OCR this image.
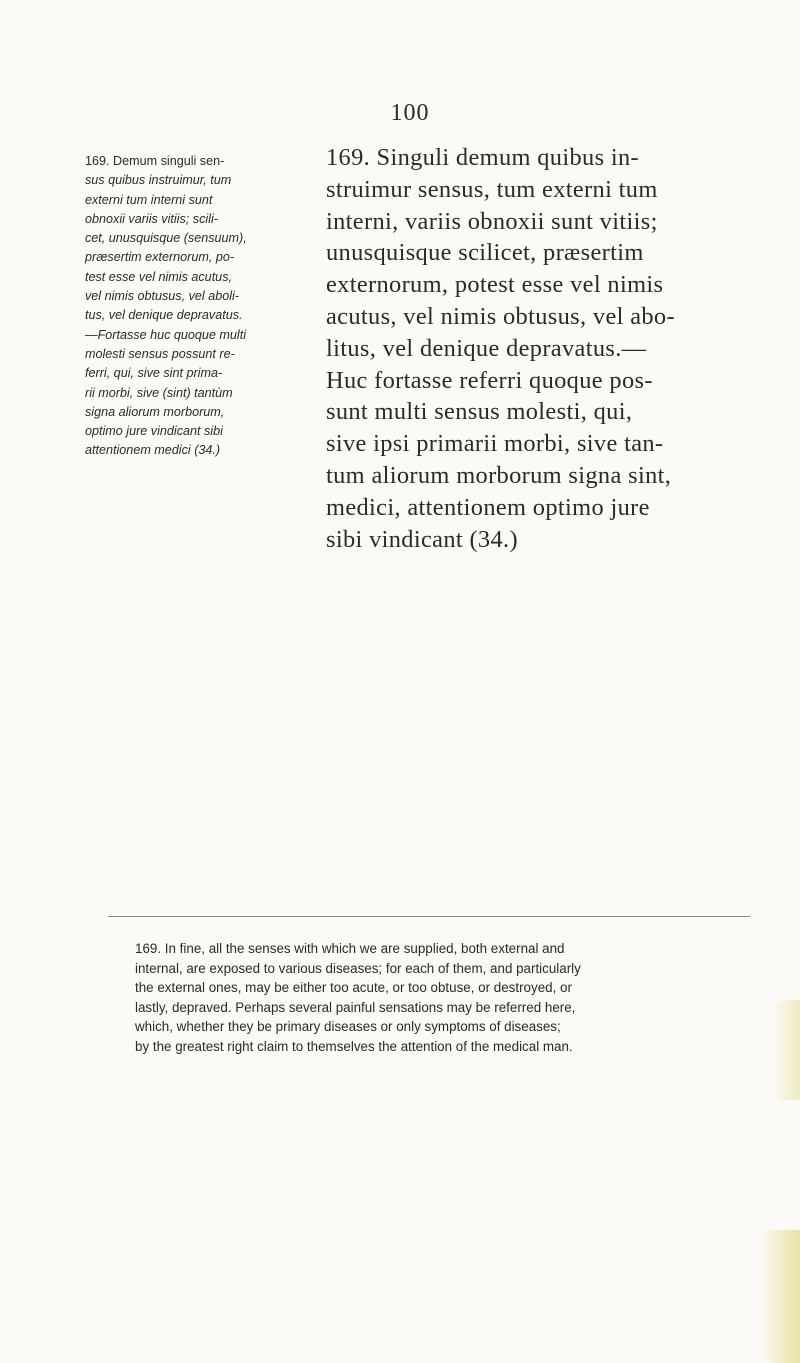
100
169. Demum singuli sen-
sus quibus instruimur, tum
externi tum interni sunt
obnoxii variis vitiis; scili-
cet, unusquisque (sensuum),
præsertim externorum, po-
test esse vel nimis acutus,
vel nimis obtusus, vel aboli-
tus, vel denique depravatus.
—Fortasse huc quoque multi
molesti sensus possunt re-
ferri, qui, sive sint prima-
rii morbi, sive (sint) tantùm
signa aliorum morborum,
optimo jure vindicant sibi
attentionem medici (34.)
169. Singuli demum quibus in-
struimur sensus, tum externi tum
interni, variis obnoxii sunt vitiis;
unusquisque scilicet, præsertim
externorum, potest esse vel nimis
acutus, vel nimis obtusus, vel abo-
litus, vel denique depravatus.—
Huc fortasse referri quoque pos-
sunt multi sensus molesti, qui,
sive ipsi primarii morbi, sive tan-
tum aliorum morborum signa sint,
medici, attentionem optimo jure
sibi vindicant (34.)
169. In fine, all the senses with which we are supplied, both external and
internal, are exposed to various diseases; for each of them, and particularly
the external ones, may be either too acute, or too obtuse, or destroyed, or
lastly, depraved. Perhaps several painful sensations may be referred here,
which, whether they be primary diseases or only symptoms of diseases;
by the greatest right claim to themselves the attention of the medical man.
